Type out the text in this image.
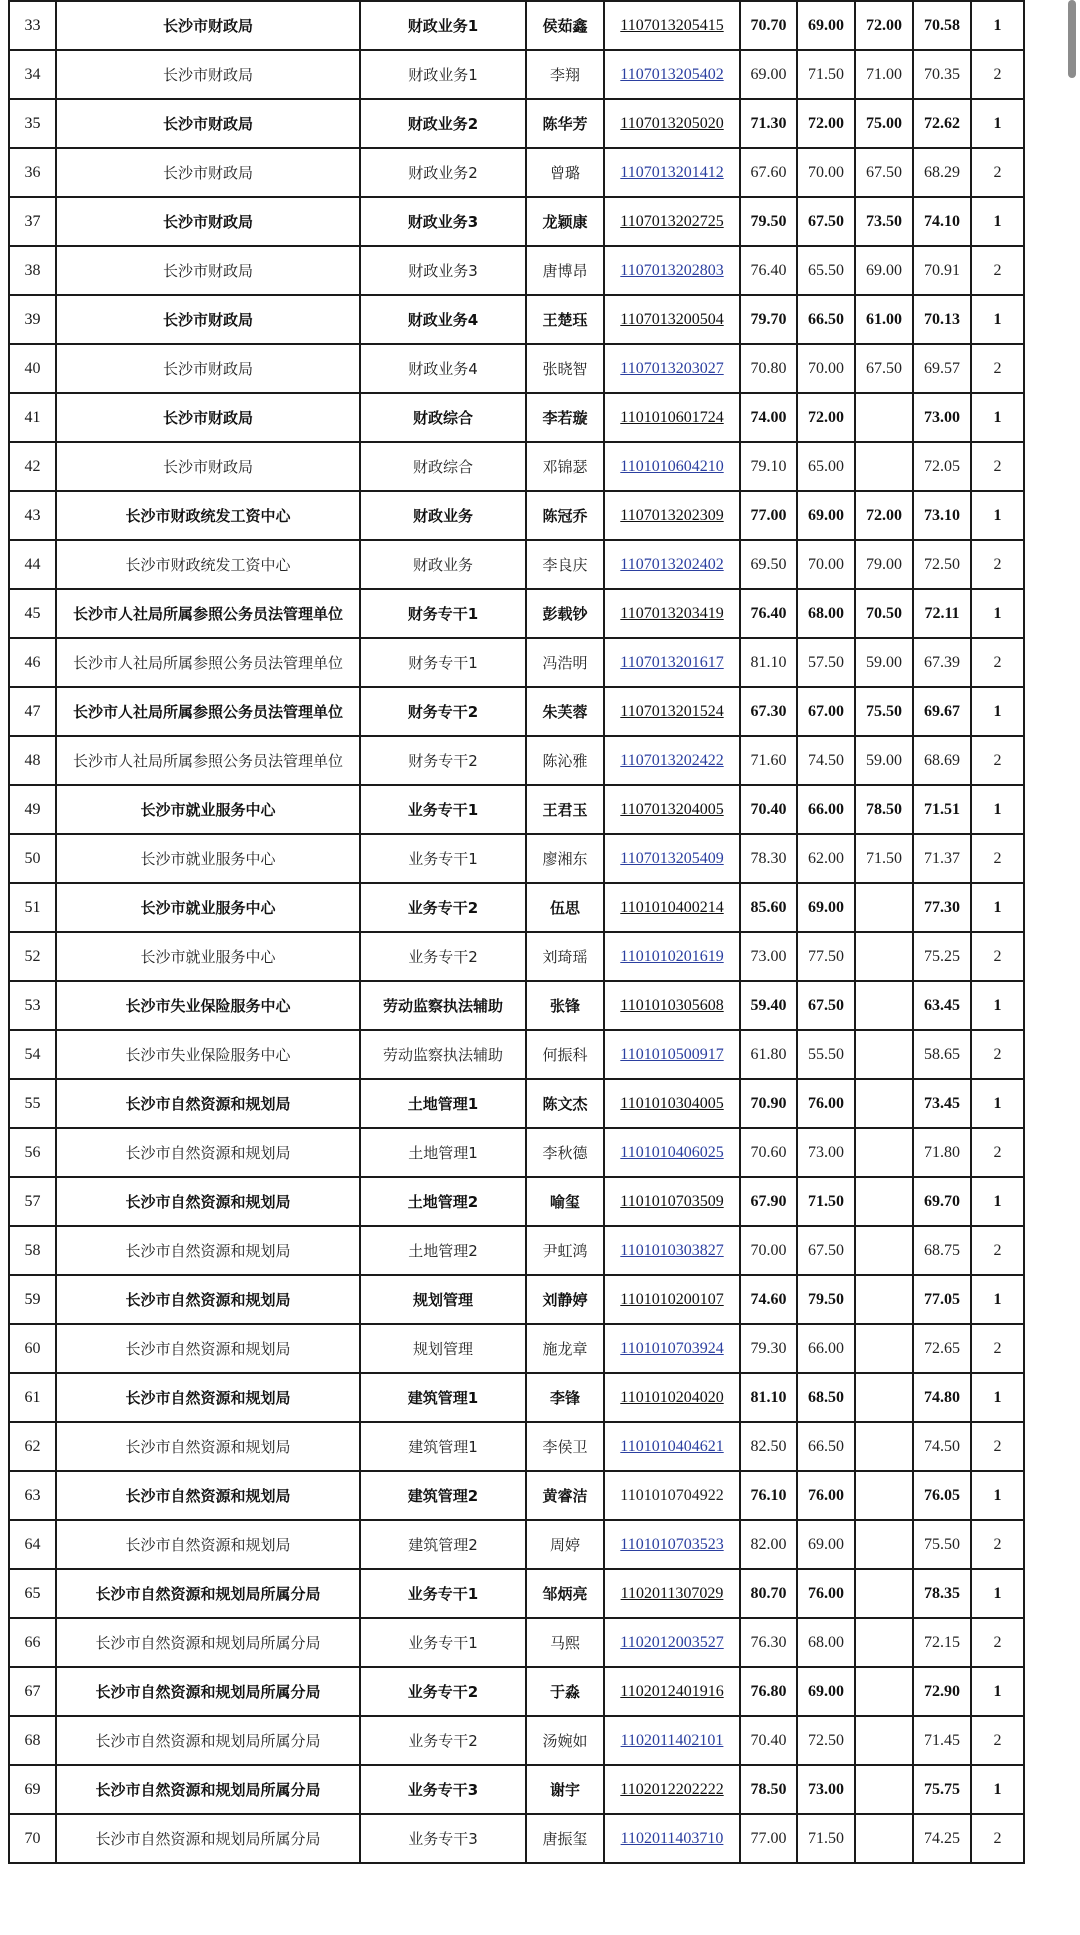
33	长沙市财政局	财政业务1	侯茹鑫	1107013205415	70.70	69.00	72.00	70.58	1
34	长沙市财政局	财政业务1	李翔	1107013205402	69.00	71.50	71.00	70.35	2
35	长沙市财政局	财政业务2	陈华芳	1107013205020	71.30	72.00	75.00	72.62	1
36	长沙市财政局	财政业务2	曾璐	1107013201412	67.60	70.00	67.50	68.29	2
37	长沙市财政局	财政业务3	龙颖康	1107013202725	79.50	67.50	73.50	74.10	1
38	长沙市财政局	财政业务3	唐博昂	1107013202803	76.40	65.50	69.00	70.91	2
39	长沙市财政局	财政业务4	王楚珏	1107013200504	79.70	66.50	61.00	70.13	1
40	长沙市财政局	财政业务4	张晓智	1107013203027	70.80	70.00	67.50	69.57	2
41	长沙市财政局	财政综合	李若璇	1101010601724	74.00	72.00		73.00	1
42	长沙市财政局	财政综合	邓锦瑟	1101010604210	79.10	65.00		72.05	2
43	长沙市财政统发工资中心	财政业务	陈冠乔	1107013202309	77.00	69.00	72.00	73.10	1
44	长沙市财政统发工资中心	财政业务	李良庆	1107013202402	69.50	70.00	79.00	72.50	2
45	长沙市人社局所属参照公务员法管理单位	财务专干1	彭载钞	1107013203419	76.40	68.00	70.50	72.11	1
46	长沙市人社局所属参照公务员法管理单位	财务专干1	冯浩明	1107013201617	81.10	57.50	59.00	67.39	2
47	长沙市人社局所属参照公务员法管理单位	财务专干2	朱芙蓉	1107013201524	67.30	67.00	75.50	69.67	1
48	长沙市人社局所属参照公务员法管理单位	财务专干2	陈沁雅	1107013202422	71.60	74.50	59.00	68.69	2
49	长沙市就业服务中心	业务专干1	王君玉	1107013204005	70.40	66.00	78.50	71.51	1
50	长沙市就业服务中心	业务专干1	廖湘东	1107013205409	78.30	62.00	71.50	71.37	2
51	长沙市就业服务中心	业务专干2	伍思	1101010400214	85.60	69.00		77.30	1
52	长沙市就业服务中心	业务专干2	刘琦瑶	1101010201619	73.00	77.50		75.25	2
53	长沙市失业保险服务中心	劳动监察执法辅助	张锋	1101010305608	59.40	67.50		63.45	1
54	长沙市失业保险服务中心	劳动监察执法辅助	何振科	1101010500917	61.80	55.50		58.65	2
55	长沙市自然资源和规划局	土地管理1	陈文杰	1101010304005	70.90	76.00		73.45	1
56	长沙市自然资源和规划局	土地管理1	李秋德	1101010406025	70.60	73.00		71.80	2
57	长沙市自然资源和规划局	土地管理2	喻玺	1101010703509	67.90	71.50		69.70	1
58	长沙市自然资源和规划局	土地管理2	尹虹鸿	1101010303827	70.00	67.50		68.75	2
59	长沙市自然资源和规划局	规划管理	刘静婷	1101010200107	74.60	79.50		77.05	1
60	长沙市自然资源和规划局	规划管理	施龙章	1101010703924	79.30	66.00		72.65	2
61	长沙市自然资源和规划局	建筑管理1	李锋	1101010204020	81.10	68.50		74.80	1
62	长沙市自然资源和规划局	建筑管理1	李侯卫	1101010404621	82.50	66.50		74.50	2
63	长沙市自然资源和规划局	建筑管理2	黄睿洁	1101010704922	76.10	76.00		76.05	1
64	长沙市自然资源和规划局	建筑管理2	周婷	1101010703523	82.00	69.00		75.50	2
65	长沙市自然资源和规划局所属分局	业务专干1	邹炳亮	1102011307029	80.70	76.00		78.35	1
66	长沙市自然资源和规划局所属分局	业务专干1	马熙	1102012003527	76.30	68.00		72.15	2
67	长沙市自然资源和规划局所属分局	业务专干2	于淼	1102012401916	76.80	69.00		72.90	1
68	长沙市自然资源和规划局所属分局	业务专干2	汤婉如	1102011402101	70.40	72.50		71.45	2
69	长沙市自然资源和规划局所属分局	业务专干3	谢宇	1102012202222	78.50	73.00		75.75	1
70	长沙市自然资源和规划局所属分局	业务专干3	唐振玺	1102011403710	77.00	71.50		74.25	2
